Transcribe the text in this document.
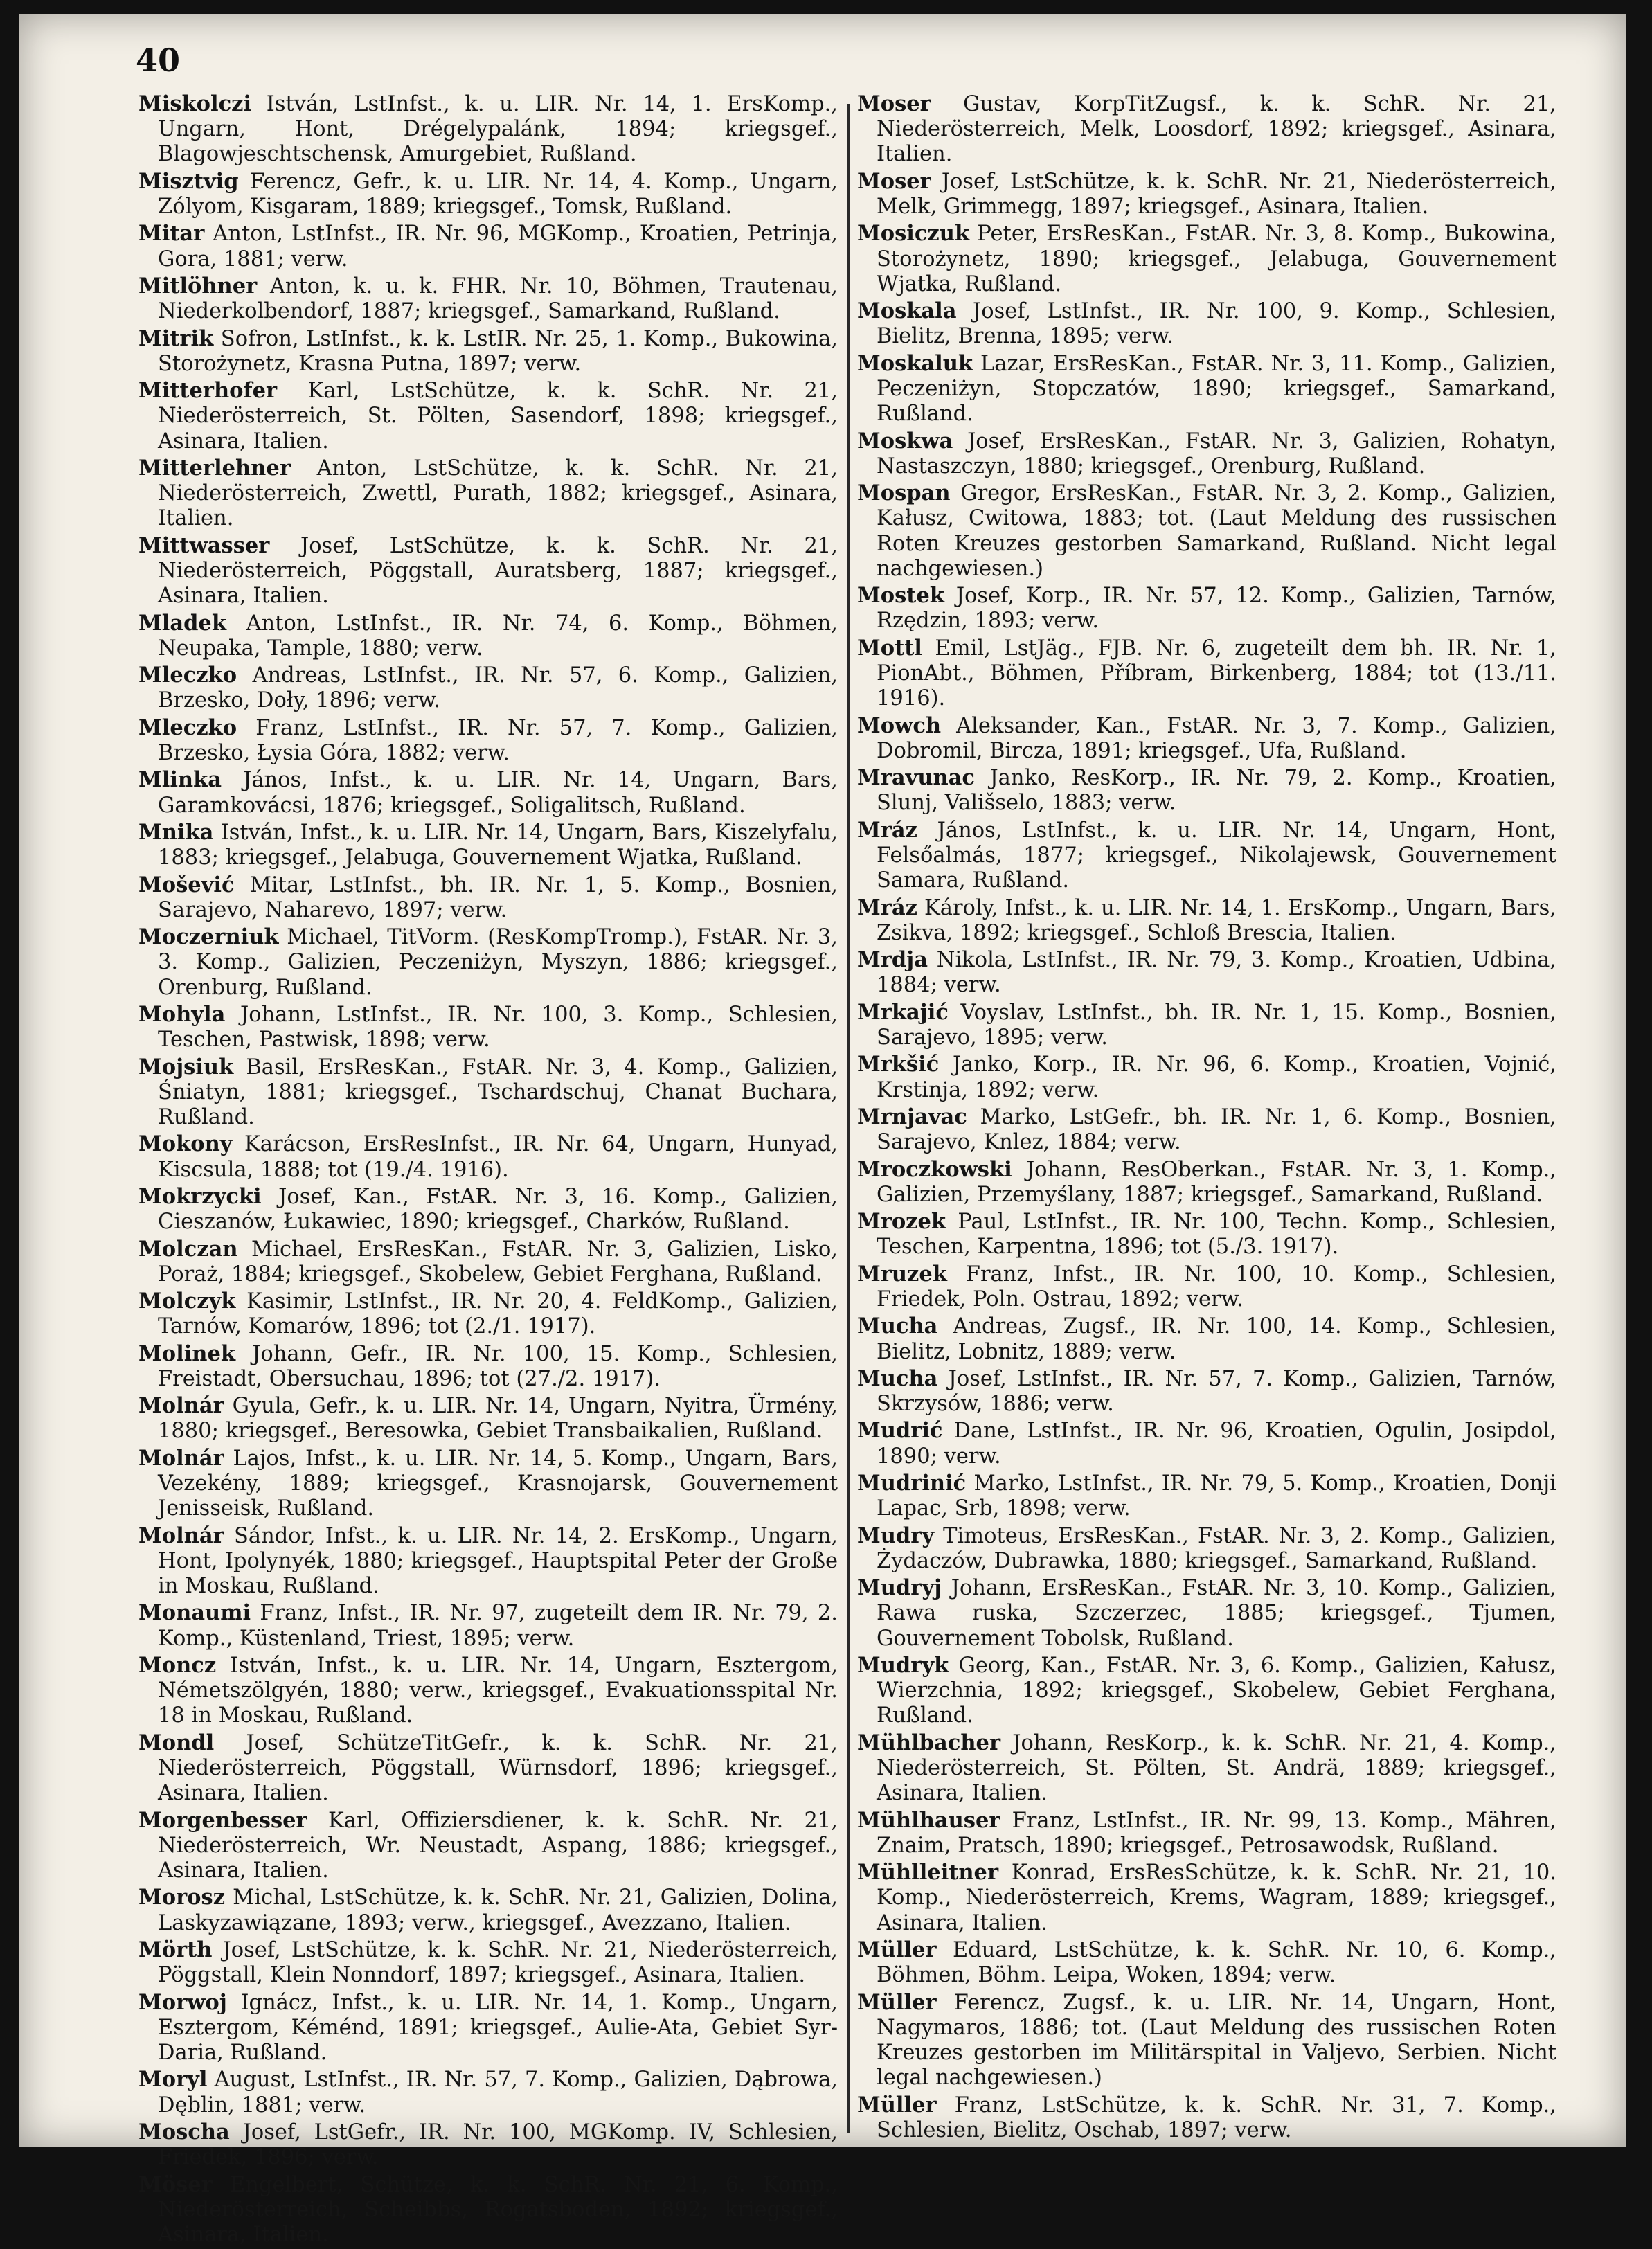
40

Miskolczi István, LstInfst., k. u. LIR. Nr. 14, 1. ErsKomp., Ungarn, Hont, Drégelypalánk, 1894; kriegsgef., Blagowjeschtschensk, Amurgebiet, Rußland.

Misztvig Ferencz, Gefr., k. u. LIR. Nr. 14, 4. Komp., Ungarn, Zólyom, Kisgaram, 1889; kriegsgef., Tomsk, Rußland.

Mitar Anton, LstInfst., IR. Nr. 96, MGKomp., Kroatien, Petrinja, Gora, 1881; verw.

Mitlöhner Anton, k. u. k. FHR. Nr. 10, Böhmen, Trautenau, Niederkolbendorf, 1887; kriegsgef., Samarkand, Rußland.

Mitrik Sofron, LstInfst., k. k. LstIR. Nr. 25, 1. Komp., Bukowina, Storożynetz, Krasna Putna, 1897; verw.

Mitterhofer Karl, LstSchütze, k. k. SchR. Nr. 21, Niederösterreich, St. Pölten, Sasendorf, 1898; kriegsgef., Asinara, Italien.

Mitterlehner Anton, LstSchütze, k. k. SchR. Nr. 21, Niederösterreich, Zwettl, Purath, 1882; kriegsgef., Asinara, Italien.

Mittwasser Josef, LstSchütze, k. k. SchR. Nr. 21, Niederösterreich, Pöggstall, Auratsberg, 1887; kriegsgef., Asinara, Italien.

Mladek Anton, LstInfst., IR. Nr. 74, 6. Komp., Böhmen, Neupaka, Tample, 1880; verw.

Mleczko Andreas, LstInfst., IR. Nr. 57, 6. Komp., Galizien, Brzesko, Doły, 1896; verw.

Mleczko Franz, LstInfst., IR. Nr. 57, 7. Komp., Galizien, Brzesko, Łysia Góra, 1882; verw.

Mlinka János, Infst., k. u. LIR. Nr. 14, Ungarn, Bars, Garamkovácsi, 1876; kriegsgef., Soligalitsch, Rußland.

Mnika István, Infst., k. u. LIR. Nr. 14, Ungarn, Bars, Kiszelyfalu, 1883; kriegsgef., Jelabuga, Gouvernement Wjatka, Rußland.

Mošević Mitar, LstInfst., bh. IR. Nr. 1, 5. Komp., Bosnien, Sarajevo, Naharevo, 1897; verw.

Moczerniuk Michael, TitVorm. (ResKompTromp.), FstAR. Nr. 3, 3. Komp., Galizien, Peczeniżyn, Myszyn, 1886; kriegsgef., Orenburg, Rußland.

Mohyla Johann, LstInfst., IR. Nr. 100, 3. Komp., Schlesien, Teschen, Pastwisk, 1898; verw.

Mojsiuk Basil, ErsResKan., FstAR. Nr. 3, 4. Komp., Galizien, Śniatyn, 1881; kriegsgef., Tschardschuj, Chanat Buchara, Rußland.

Mokony Karácson, ErsResInfst., IR. Nr. 64, Ungarn, Hunyad, Kiscsula, 1888; tot (19./4. 1916).

Mokrzycki Josef, Kan., FstAR. Nr. 3, 16. Komp., Galizien, Cieszanów, Łukawiec, 1890; kriegsgef., Charków, Rußland.

Molczan Michael, ErsResKan., FstAR. Nr. 3, Galizien, Lisko, Poraż, 1884; kriegsgef., Skobelew, Gebiet Ferghana, Rußland.

Molczyk Kasimir, LstInfst., IR. Nr. 20, 4. FeldKomp., Galizien, Tarnów, Komarów, 1896; tot (2./1. 1917).

Molinek Johann, Gefr., IR. Nr. 100, 15. Komp., Schlesien, Freistadt, Obersuchau, 1896; tot (27./2. 1917).

Molnár Gyula, Gefr., k. u. LIR. Nr. 14, Ungarn, Nyitra, Ürmény, 1880; kriegsgef., Beresowka, Gebiet Transbaikalien, Rußland.

Molnár Lajos, Infst., k. u. LIR. Nr. 14, 5. Komp., Ungarn, Bars, Vezekény, 1889; kriegsgef., Krasnojarsk, Gouvernement Jenisseisk, Rußland.

Molnár Sándor, Infst., k. u. LIR. Nr. 14, 2. ErsKomp., Ungarn, Hont, Ipolynyék, 1880; kriegsgef., Hauptspital Peter der Große in Moskau, Rußland.

Monaumi Franz, Infst., IR. Nr. 97, zugeteilt dem IR. Nr. 79, 2. Komp., Küstenland, Triest, 1895; verw.

Moncz István, Infst., k. u. LIR. Nr. 14, Ungarn, Esztergom, Németszölgyén, 1880; verw., kriegsgef., Evakuationsspital Nr. 18 in Moskau, Rußland.

Mondl Josef, SchützeTitGefr., k. k. SchR. Nr. 21, Niederösterreich, Pöggstall, Würnsdorf, 1896; kriegsgef., Asinara, Italien.

Morgenbesser Karl, Offiziersdiener, k. k. SchR. Nr. 21, Niederösterreich, Wr. Neustadt, Aspang, 1886; kriegsgef., Asinara, Italien.

Morosz Michal, LstSchütze, k. k. SchR. Nr. 21, Galizien, Dolina, Laskyzawiązane, 1893; verw., kriegsgef., Avezzano, Italien.

Mörth Josef, LstSchütze, k. k. SchR. Nr. 21, Niederösterreich, Pöggstall, Klein Nonndorf, 1897; kriegsgef., Asinara, Italien.

Morwoj Ignácz, Infst., k. u. LIR. Nr. 14, 1. Komp., Ungarn, Esztergom, Kéménd, 1891; kriegsgef., Aulie-Ata, Gebiet Syr-Daria, Rußland.

Moryl August, LstInfst., IR. Nr. 57, 7. Komp., Galizien, Dąbrowa, Dęblin, 1881; verw.

Moscha Josef, LstGefr., IR. Nr. 100, MGKomp. IV, Schlesien, Friedek, 1896; verw.

Möser Engelbert, Schütze, k. k. SchR. Nr. 21, 6. Komp., Niederösterreich, Scheibbs, Rogatsboden, 1892; kriegsgef., Asinara, Italien.

Moser Gustav, KorpTitZugsf., k. k. SchR. Nr. 21, Niederösterreich, Melk, Loosdorf, 1892; kriegsgef., Asinara, Italien.

Moser Josef, LstSchütze, k. k. SchR. Nr. 21, Niederösterreich, Melk, Grimmegg, 1897; kriegsgef., Asinara, Italien.

Mosiczuk Peter, ErsResKan., FstAR. Nr. 3, 8. Komp., Bukowina, Storożynetz, 1890; kriegsgef., Jelabuga, Gouvernement Wjatka, Rußland.

Moskala Josef, LstInfst., IR. Nr. 100, 9. Komp., Schlesien, Bielitz, Brenna, 1895; verw.

Moskaluk Lazar, ErsResKan., FstAR. Nr. 3, 11. Komp., Galizien, Peczeniżyn, Stopczatów, 1890; kriegsgef., Samarkand, Rußland.

Moskwa Josef, ErsResKan., FstAR. Nr. 3, Galizien, Rohatyn, Nastaszczyn, 1880; kriegsgef., Orenburg, Rußland.

Mospan Gregor, ErsResKan., FstAR. Nr. 3, 2. Komp., Galizien, Kałusz, Cwitowa, 1883; tot. (Laut Meldung des russischen Roten Kreuzes gestorben Samarkand, Rußland. Nicht legal nachgewiesen.)

Mostek Josef, Korp., IR. Nr. 57, 12. Komp., Galizien, Tarnów, Rzędzin, 1893; verw.

Mottl Emil, LstJäg., FJB. Nr. 6, zugeteilt dem bh. IR. Nr. 1, PionAbt., Böhmen, Příbram, Birkenberg, 1884; tot (13./11. 1916).

Mowch Aleksander, Kan., FstAR. Nr. 3, 7. Komp., Galizien, Dobromil, Bircza, 1891; kriegsgef., Ufa, Rußland.

Mravunac Janko, ResKorp., IR. Nr. 79, 2. Komp., Kroatien, Slunj, Vališselo, 1883; verw.

Mráz János, LstInfst., k. u. LIR. Nr. 14, Ungarn, Hont, Felsőalmás, 1877; kriegsgef., Nikolajewsk, Gouvernement Samara, Rußland.

Mráz Károly, Infst., k. u. LIR. Nr. 14, 1. ErsKomp., Ungarn, Bars, Zsikva, 1892; kriegsgef., Schloß Brescia, Italien.

Mrdja Nikola, LstInfst., IR. Nr. 79, 3. Komp., Kroatien, Udbina, 1884; verw.

Mrkajić Voyslav, LstInfst., bh. IR. Nr. 1, 15. Komp., Bosnien, Sarajevo, 1895; verw.

Mrkšić Janko, Korp., IR. Nr. 96, 6. Komp., Kroatien, Vojnić, Krstinja, 1892; verw.

Mrnjavac Marko, LstGefr., bh. IR. Nr. 1, 6. Komp., Bosnien, Sarajevo, Knlez, 1884; verw.

Mroczkowski Johann, ResOberkan., FstAR. Nr. 3, 1. Komp., Galizien, Przemyślany, 1887; kriegsgef., Samarkand, Rußland.

Mrozek Paul, LstInfst., IR. Nr. 100, Techn. Komp., Schlesien, Teschen, Karpentna, 1896; tot (5./3. 1917).

Mruzek Franz, Infst., IR. Nr. 100, 10. Komp., Schlesien, Friedek, Poln. Ostrau, 1892; verw.

Mucha Andreas, Zugsf., IR. Nr. 100, 14. Komp., Schlesien, Bielitz, Lobnitz, 1889; verw.

Mucha Josef, LstInfst., IR. Nr. 57, 7. Komp., Galizien, Tarnów, Skrzysów, 1886; verw.

Mudrić Dane, LstInfst., IR. Nr. 96, Kroatien, Ogulin, Josipdol, 1890; verw.

Mudrinić Marko, LstInfst., IR. Nr. 79, 5. Komp., Kroatien, Donji Lapac, Srb, 1898; verw.

Mudry Timoteus, ErsResKan., FstAR. Nr. 3, 2. Komp., Galizien, Żydaczów, Dubrawka, 1880; kriegsgef., Samarkand, Rußland.

Mudryj Johann, ErsResKan., FstAR. Nr. 3, 10. Komp., Galizien, Rawa ruska, Szczerzec, 1885; kriegsgef., Tjumen, Gouvernement Tobolsk, Rußland.

Mudryk Georg, Kan., FstAR. Nr. 3, 6. Komp., Galizien, Kałusz, Wierzchnia, 1892; kriegsgef., Skobelew, Gebiet Ferghana, Rußland.

Mühlbacher Johann, ResKorp., k. k. SchR. Nr. 21, 4. Komp., Niederösterreich, St. Pölten, St. Andrä, 1889; kriegsgef., Asinara, Italien.

Mühlhauser Franz, LstInfst., IR. Nr. 99, 13. Komp., Mähren, Znaim, Pratsch, 1890; kriegsgef., Petrosawodsk, Rußland.

Mühlleitner Konrad, ErsResSchütze, k. k. SchR. Nr. 21, 10. Komp., Niederösterreich, Krems, Wagram, 1889; kriegsgef., Asinara, Italien.

Müller Eduard, LstSchütze, k. k. SchR. Nr. 10, 6. Komp., Böhmen, Böhm. Leipa, Woken, 1894; verw.

Müller Ferencz, Zugsf., k. u. LIR. Nr. 14, Ungarn, Hont, Nagymaros, 1886; tot. (Laut Meldung des russischen Roten Kreuzes gestorben im Militärspital in Valjevo, Serbien. Nicht legal nachgewiesen.)

Müller Franz, LstSchütze, k. k. SchR. Nr. 31, 7. Komp., Schlesien, Bielitz, Oschab, 1897; verw.
